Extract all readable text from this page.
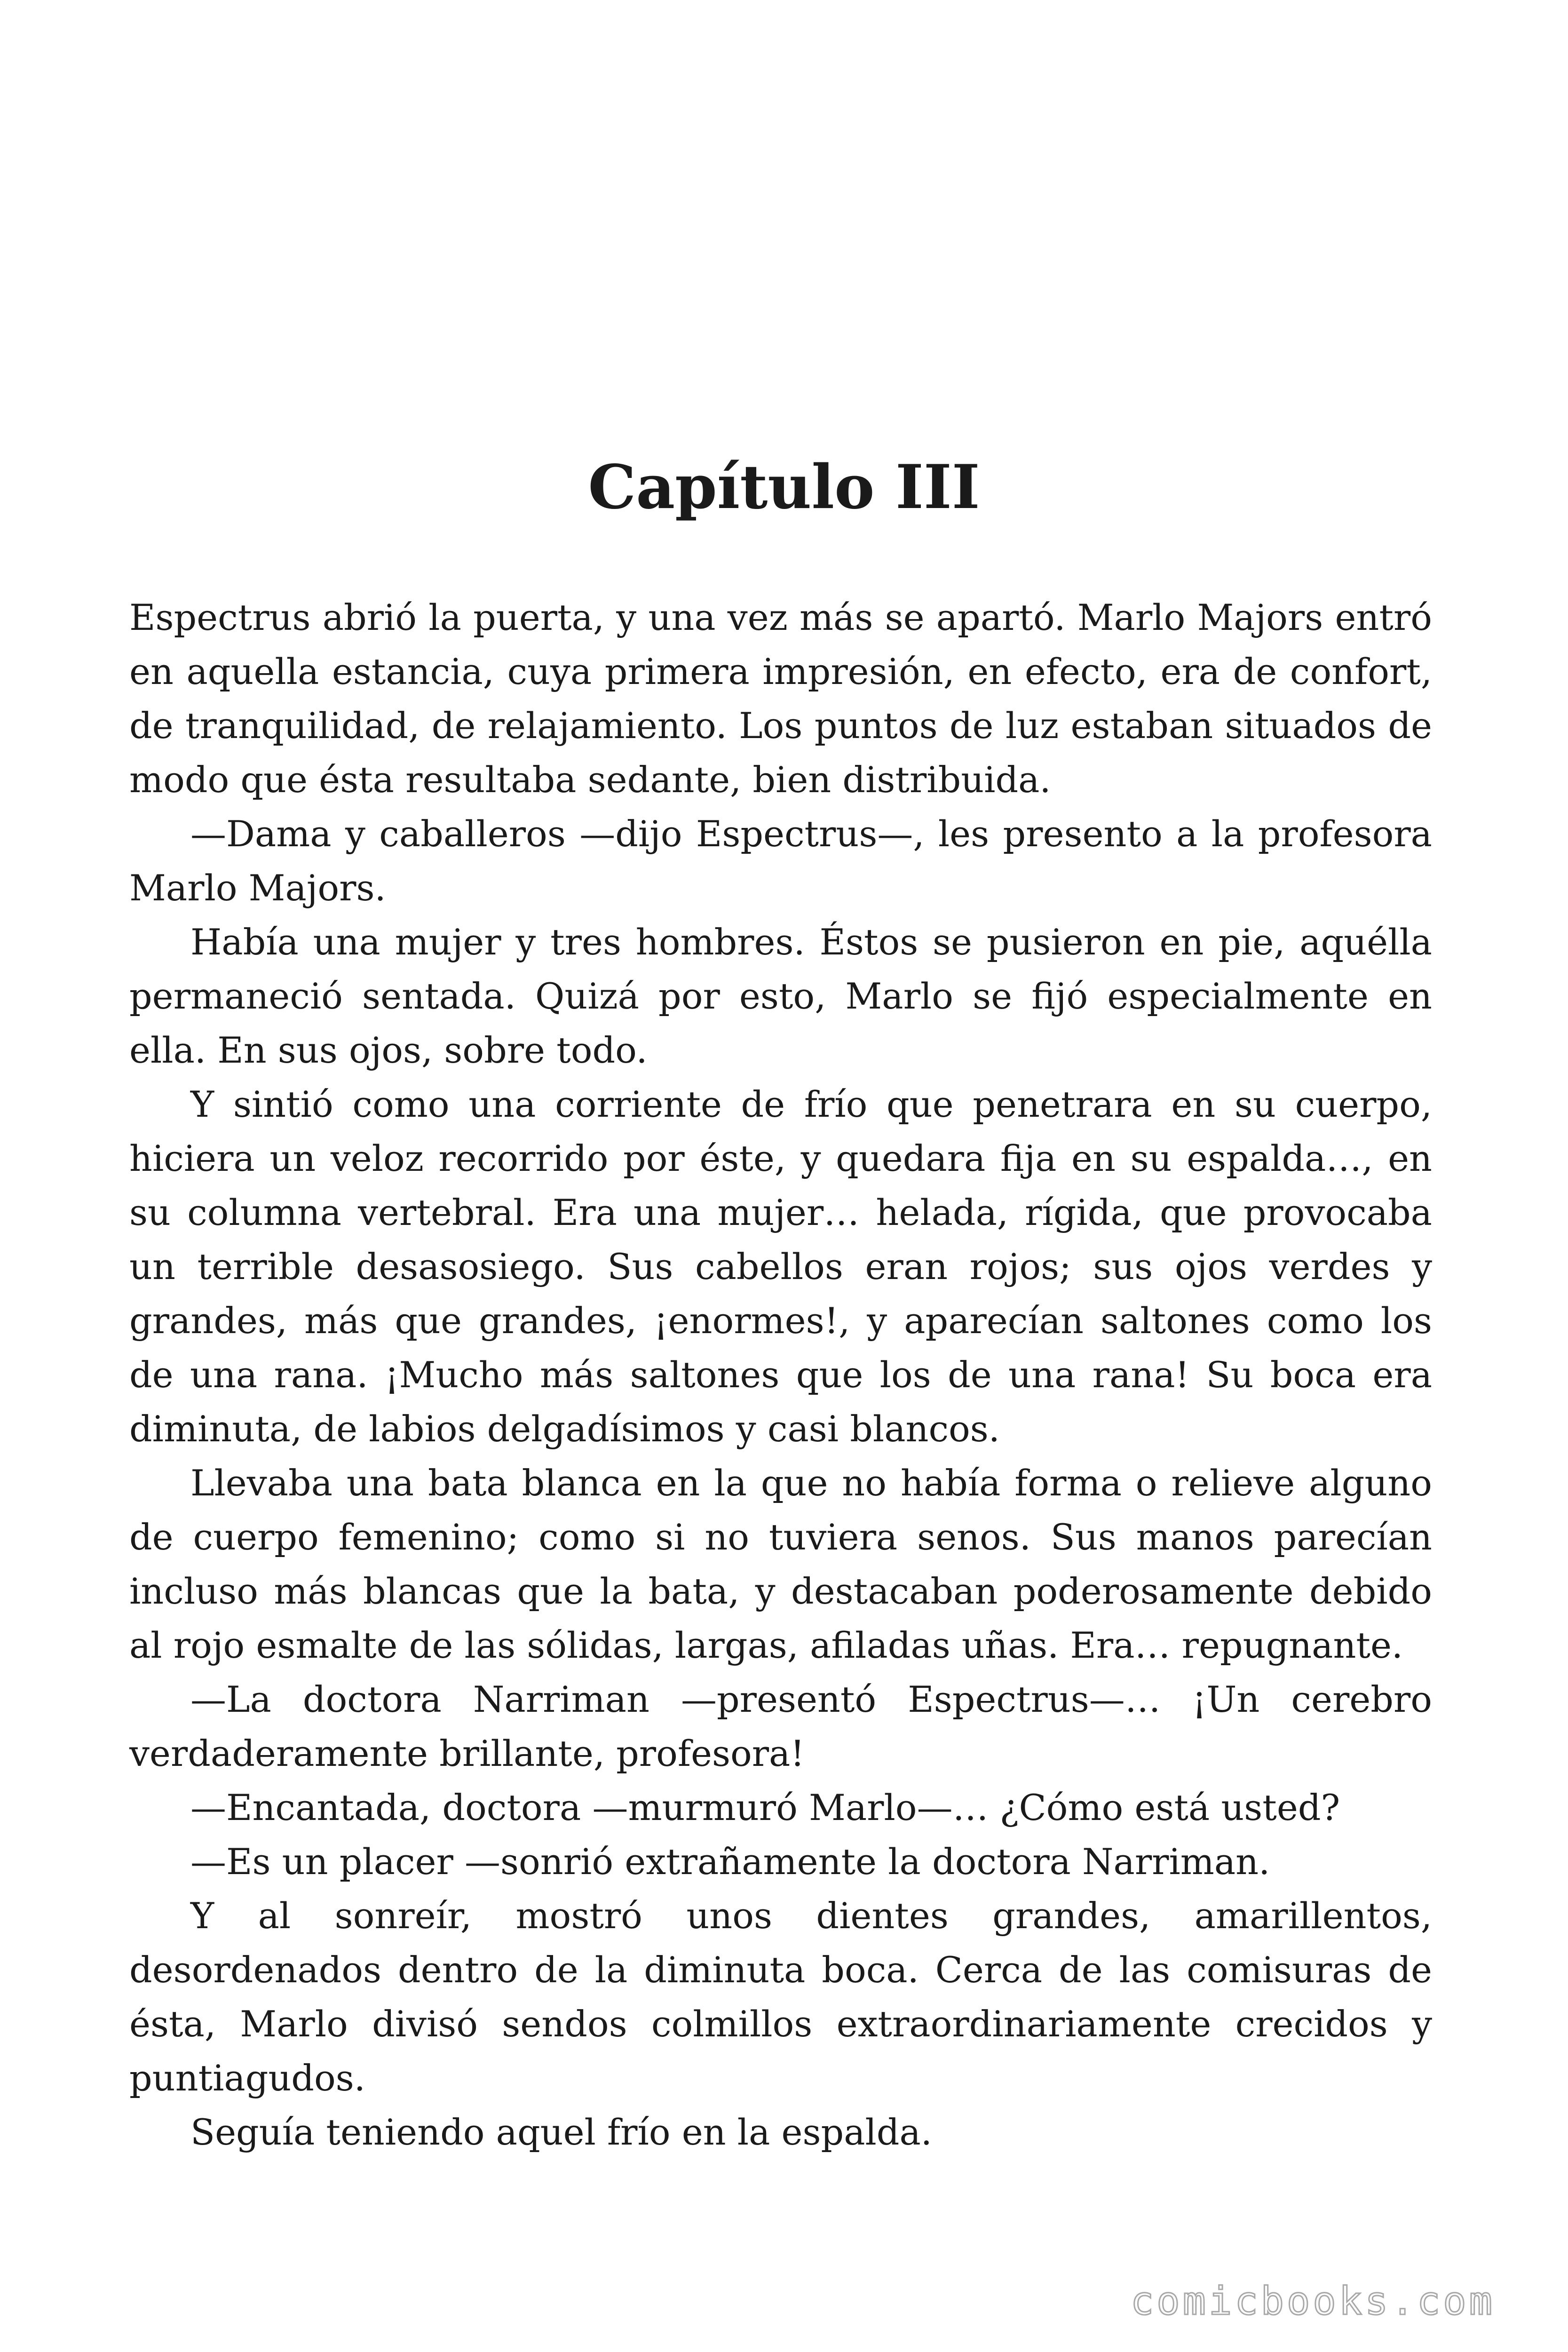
Capítulo III

Espectrus abrió la puerta, y una vez más se apartó. Marlo Majors entró en aquella estancia, cuya primera impresión, en efecto, era de confort, de tranquilidad, de relajamiento. Los puntos de luz estaban situados de modo que ésta resultaba sedante, bien distribuida.

—Dama y caballeros —dijo Espectrus—, les presento a la profesora Marlo Majors.

Había una mujer y tres hombres. Éstos se pusieron en pie, aquélla permaneció sentada. Quizá por esto, Marlo se fijó especialmente en ella. En sus ojos, sobre todo.

Y sintió como una corriente de frío que penetrara en su cuerpo, hiciera un veloz recorrido por éste, y quedara fija en su espalda…, en su columna vertebral. Era una mujer… helada, rígida, que provocaba un terrible desasosiego. Sus cabellos eran rojos; sus ojos verdes y grandes, más que grandes, ¡enormes!, y aparecían saltones como los de una rana. ¡Mucho más saltones que los de una rana! Su boca era diminuta, de labios delgadísimos y casi blancos.

Llevaba una bata blanca en la que no había forma o relieve alguno de cuerpo femenino; como si no tuviera senos. Sus manos parecían incluso más blancas que la bata, y destacaban poderosamente debido al rojo esmalte de las sólidas, largas, afiladas uñas. Era… repugnante.

—La doctora Narriman —presentó Espectrus—… ¡Un cerebro verdaderamente brillante, profesora!

—Encantada, doctora —murmuró Marlo—… ¿Cómo está usted?

—Es un placer —sonrió extrañamente la doctora Narriman.

Y al sonreír, mostró unos dientes grandes, amarillentos, desordenados dentro de la diminuta boca. Cerca de las comisuras de ésta, Marlo divisó sendos colmillos extraordinariamente crecidos y puntiagudos.

Seguía teniendo aquel frío en la espalda.

comicbooks.com
